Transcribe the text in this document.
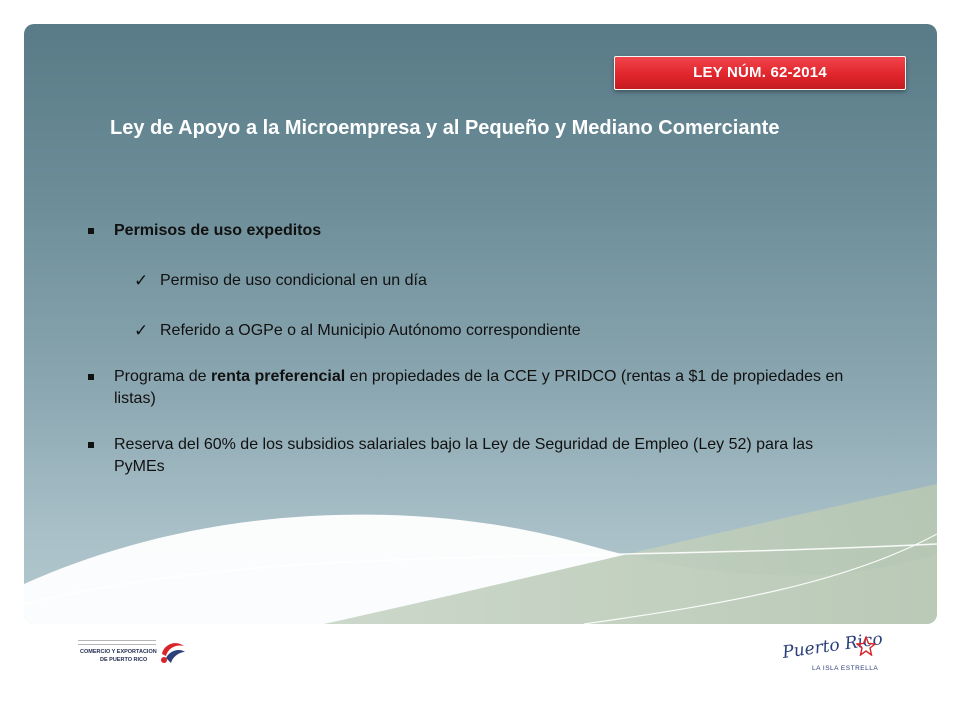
LEY NÚM. 62-2014
Ley de Apoyo a la Microempresa y al Pequeño y Mediano Comerciante
Permisos de uso expeditos
✓ Permiso de uso condicional en un día
✓ Referido a OGPe o al Municipio Autónomo correspondiente
Programa de renta preferencial en propiedades de la CCE y PRIDCO (rentas a $1 de propiedades en listas)
Reserva del 60% de los subsidios salariales bajo la Ley de Seguridad de Empleo (Ley 52) para las PyMEs
COMERCIO Y EXPORTACION
DE PUERTO RICO	Puerto Rico
LA ISLA ESTRELLA
